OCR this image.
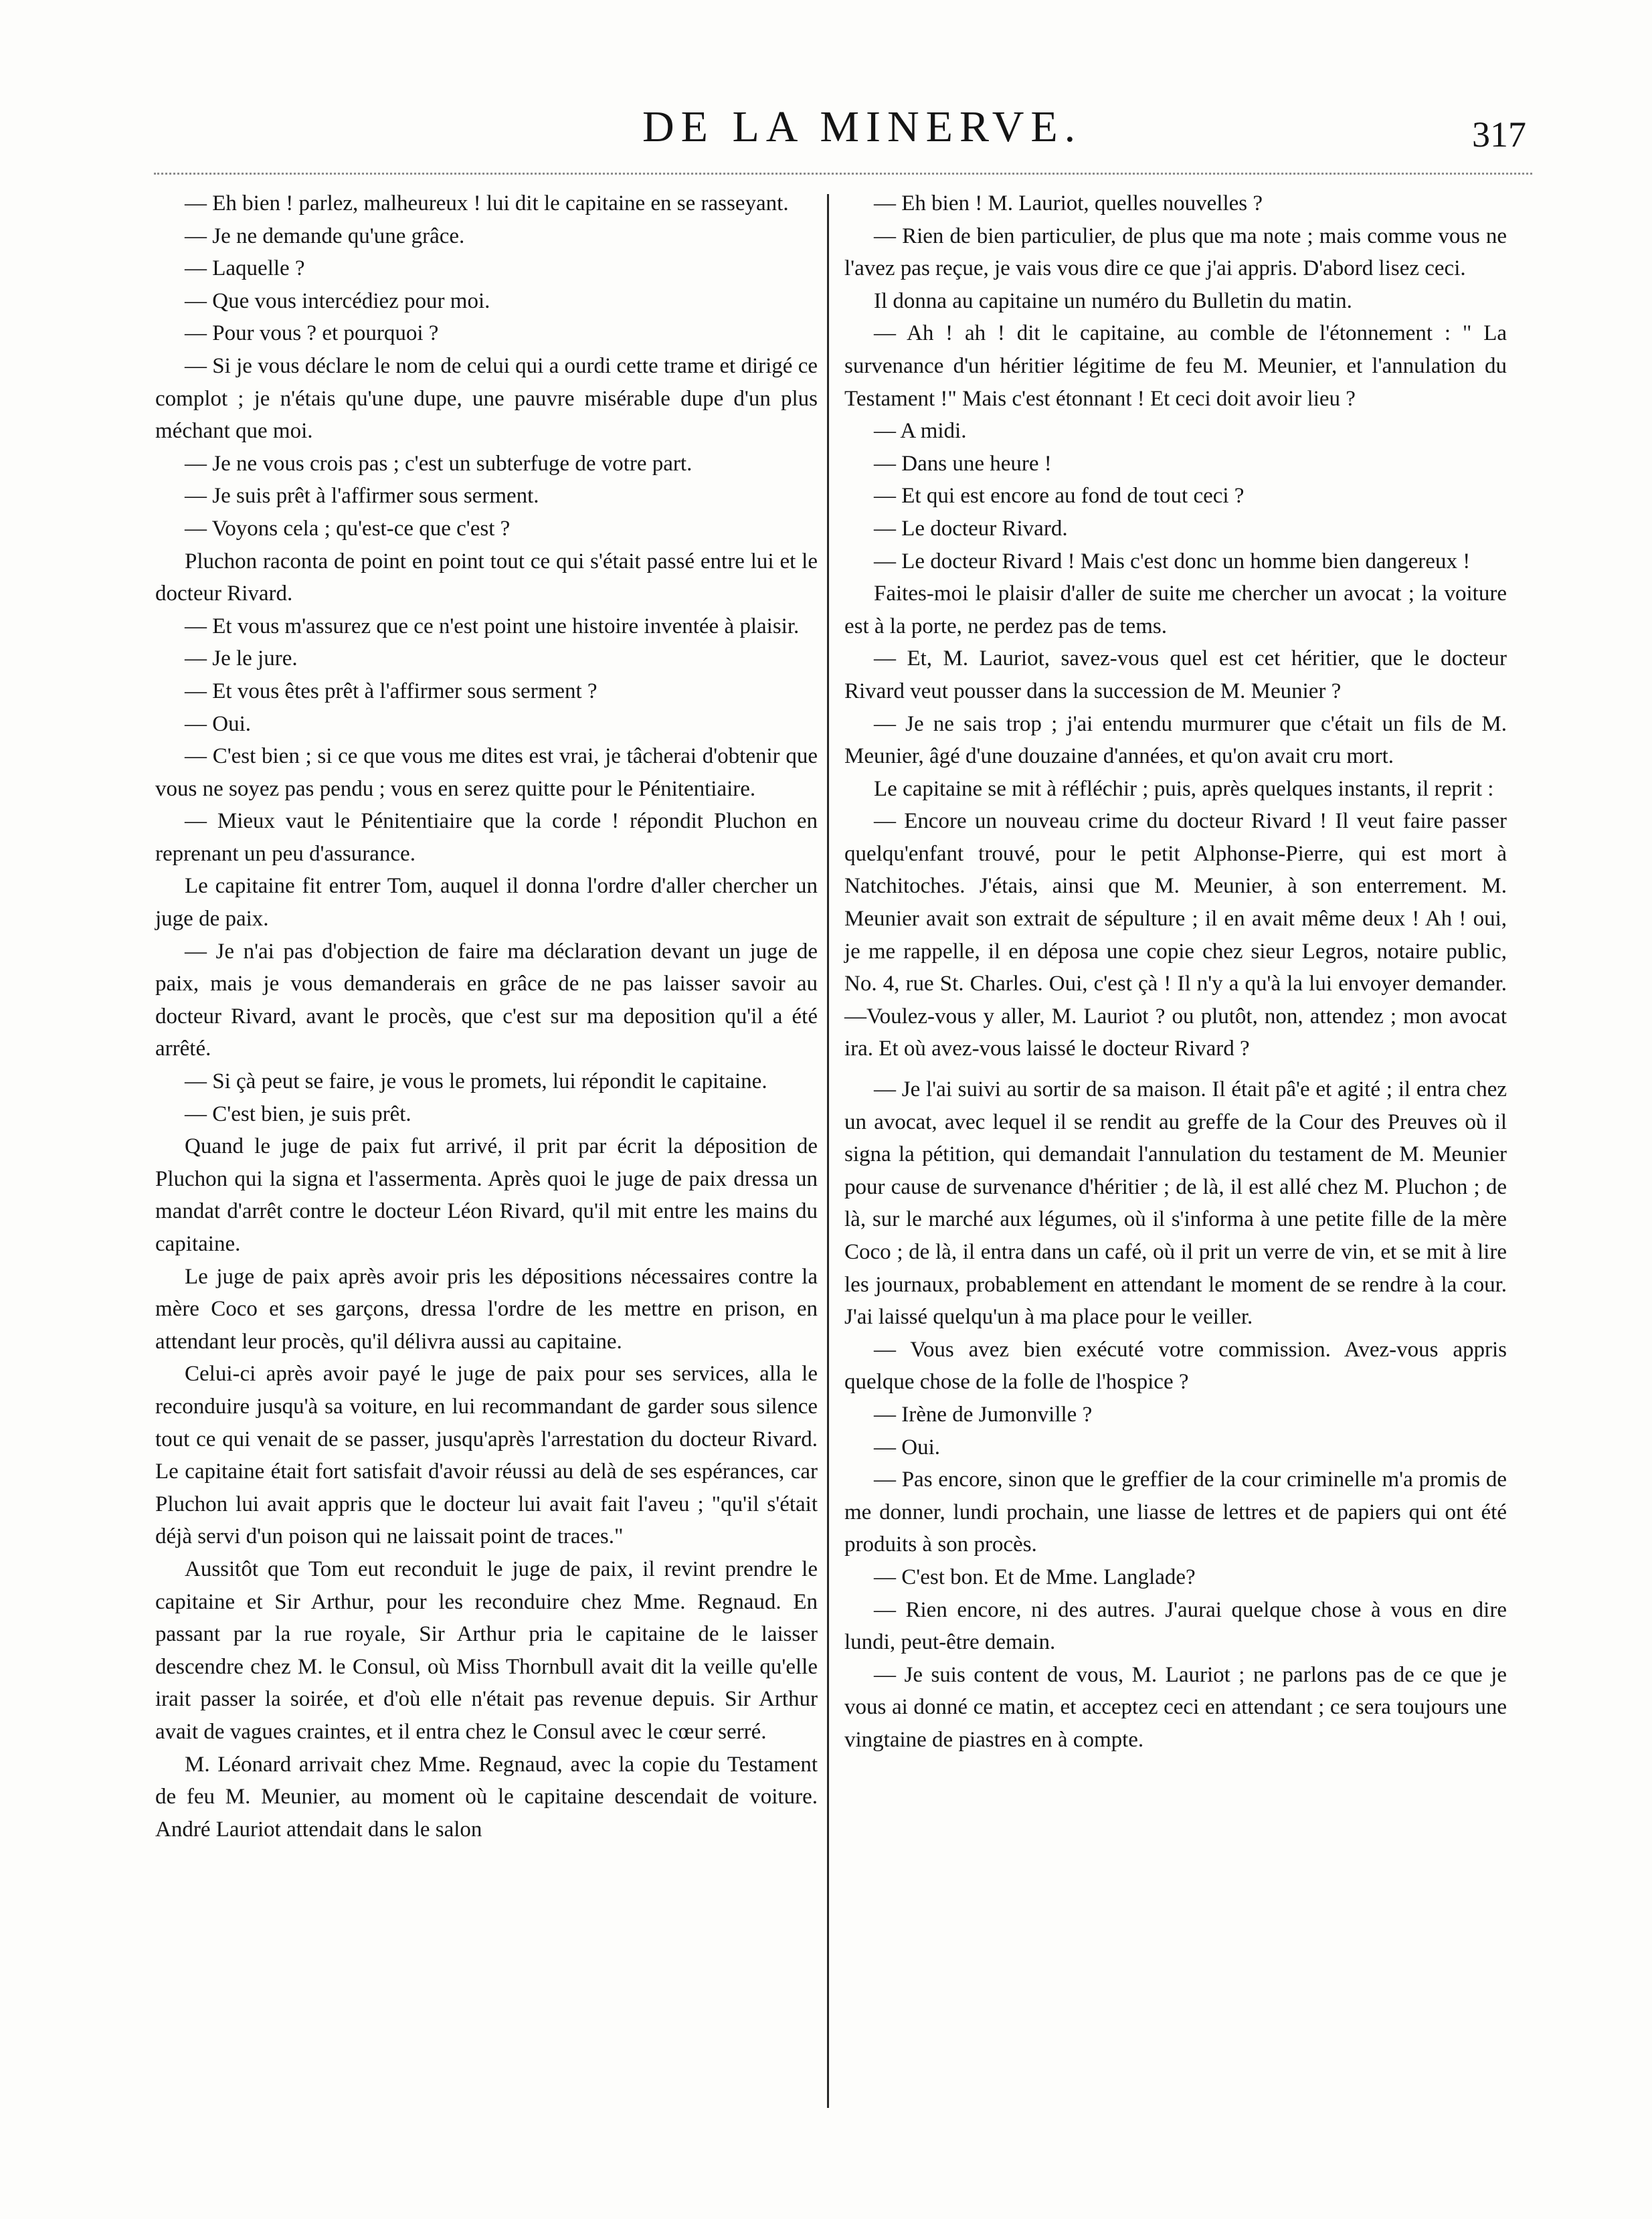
DE LA MINERVE.	317

— Eh bien ! parlez, malheureux ! lui dit le capitaine en se rasseyant.

— Je ne demande qu'une grâce.

— Laquelle ?

— Que vous intercédiez pour moi.

— Pour vous ? et pourquoi ?

— Si je vous déclare le nom de celui qui a ourdi cette trame et dirigé ce complot ; je n'étais qu'une dupe, une pauvre misérable dupe d'un plus méchant que moi.

— Je ne vous crois pas ; c'est un subterfuge de votre part.

— Je suis prêt à l'affirmer sous serment.

— Voyons cela ; qu'est-ce que c'est ?

Pluchon raconta de point en point tout ce qui s'était passé entre lui et le docteur Rivard.

— Et vous m'assurez que ce n'est point une histoire inventée à plaisir.

— Je le jure.

— Et vous êtes prêt à l'affirmer sous serment ?

— Oui.

— C'est bien ; si ce que vous me dites est vrai, je tâcherai d'obtenir que vous ne soyez pas pendu ; vous en serez quitte pour le Pénitentiaire.

— Mieux vaut le Pénitentiaire que la corde ! répondit Pluchon en reprenant un peu d'assurance.

Le capitaine fit entrer Tom, auquel il donna l'ordre d'aller chercher un juge de paix.

— Je n'ai pas d'objection de faire ma déclaration devant un juge de paix, mais je vous demanderais en grâce de ne pas laisser savoir au docteur Rivard, avant le procès, que c'est sur ma deposition qu'il a été arrêté.

— Si çà peut se faire, je vous le promets, lui répondit le capitaine.

— C'est bien, je suis prêt.

Quand le juge de paix fut arrivé, il prit par écrit la déposition de Pluchon qui la signa et l'assermenta. Après quoi le juge de paix dressa un mandat d'arrêt contre le docteur Léon Rivard, qu'il mit entre les mains du capitaine.

Le juge de paix après avoir pris les dépositions nécessaires contre la mère Coco et ses garçons, dressa l'ordre de les mettre en prison, en attendant leur procès, qu'il délivra aussi au capitaine.

Celui-ci après avoir payé le juge de paix pour ses services, alla le reconduire jusqu'à sa voiture, en lui recommandant de garder sous silence tout ce qui venait de se passer, jusqu'après l'arrestation du docteur Rivard. Le capitaine était fort satisfait d'avoir réussi au delà de ses espérances, car Pluchon lui avait appris que le docteur lui avait fait l'aveu ; "qu'il s'était déjà servi d'un poison qui ne laissait point de traces."

Aussitôt que Tom eut reconduit le juge de paix, il revint prendre le capitaine et Sir Arthur, pour les reconduire chez Mme. Regnaud. En passant par la rue royale, Sir Arthur pria le capitaine de le laisser descendre chez M. le Consul, où Miss Thornbull avait dit la veille qu'elle irait passer la soirée, et d'où elle n'était pas revenue depuis. Sir Arthur avait de vagues craintes, et il entra chez le Consul avec le cœur serré.

M. Léonard arrivait chez Mme. Regnaud, avec la copie du Testament de feu M. Meunier, au moment où le capitaine descendait de voiture. André Lauriot attendait dans le salon

— Eh bien ! M. Lauriot, quelles nouvelles ?

— Rien de bien particulier, de plus que ma note ; mais comme vous ne l'avez pas reçue, je vais vous dire ce que j'ai appris. D'abord lisez ceci.

Il donna au capitaine un numéro du Bulletin du matin.

— Ah ! ah ! dit le capitaine, au comble de l'étonnement : " La survenance d'un héritier légitime de feu M. Meunier, et l'annulation du Testament !" Mais c'est étonnant ! Et ceci doit avoir lieu ?

— A midi.

— Dans une heure !

— Et qui est encore au fond de tout ceci ?

— Le docteur Rivard.

— Le docteur Rivard ! Mais c'est donc un homme bien dangereux !

Faites-moi le plaisir d'aller de suite me chercher un avocat ; la voiture est à la porte, ne perdez pas de tems.

— Et, M. Lauriot, savez-vous quel est cet héritier, que le docteur Rivard veut pousser dans la succession de M. Meunier ?

— Je ne sais trop ; j'ai entendu murmurer que c'était un fils de M. Meunier, âgé d'une douzaine d'années, et qu'on avait cru mort.

Le capitaine se mit à réfléchir ; puis, après quelques instants, il reprit :

— Encore un nouveau crime du docteur Rivard ! Il veut faire passer quelqu'enfant trouvé, pour le petit Alphonse-Pierre, qui est mort à Natchitoches. J'étais, ainsi que M. Meunier, à son enterrement. M. Meunier avait son extrait de sépulture ; il en avait même deux ! Ah ! oui, je me rappelle, il en déposa une copie chez sieur Legros, notaire public, No. 4, rue St. Charles. Oui, c'est çà ! Il n'y a qu'à la lui envoyer demander.—Voulez-vous y aller, M. Lauriot ? ou plutôt, non, attendez ; mon avocat ira. Et où avez-vous laissé le docteur Rivard ?

— Je l'ai suivi au sortir de sa maison. Il était pâ'e et agité ; il entra chez un avocat, avec lequel il se rendit au greffe de la Cour des Preuves où il signa la pétition, qui demandait l'annulation du testament de M. Meunier pour cause de survenance d'héritier ; de là, il est allé chez M. Pluchon ; de là, sur le marché aux légumes, où il s'informa à une petite fille de la mère Coco ; de là, il entra dans un café, où il prit un verre de vin, et se mit à lire les journaux, probablement en attendant le moment de se rendre à la cour. J'ai laissé quelqu'un à ma place pour le veiller.

— Vous avez bien exécuté votre commission. Avez-vous appris quelque chose de la folle de l'hospice ?

— Irène de Jumonville ?

— Oui.

— Pas encore, sinon que le greffier de la cour criminelle m'a promis de me donner, lundi prochain, une liasse de lettres et de papiers qui ont été produits à son procès.

— C'est bon. Et de Mme. Langlade?

— Rien encore, ni des autres. J'aurai quelque chose à vous en dire lundi, peut-être demain.

— Je suis content de vous, M. Lauriot ; ne parlons pas de ce que je vous ai donné ce matin, et acceptez ceci en attendant ; ce sera toujours une vingtaine de piastres en à compte.
